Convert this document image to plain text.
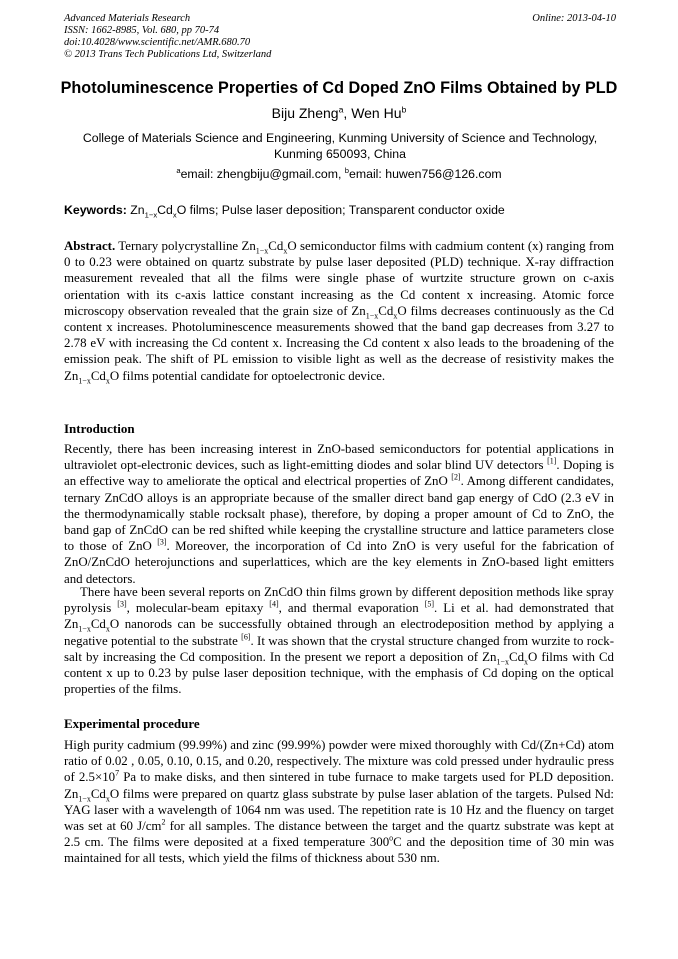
Advanced Materials Research
ISSN: 1662-8985, Vol. 680, pp 70-74
doi:10.4028/www.scientific.net/AMR.680.70
© 2013 Trans Tech Publications Ltd, Switzerland
Online: 2013-04-10
Photoluminescence Properties of Cd Doped ZnO Films Obtained by PLD
Biju Zheng$^a$, Wen Hu$^b$
College of Materials Science and Engineering, Kunming University of Science and Technology, Kunming 650093, China
$^a$email: zhengbiju@gmail.com, $^b$email: huwen756@126.com
Keywords: $Zn_{1-x}Cd_xO$ films; Pulse laser deposition; Transparent conductor oxide
Abstract. Ternary polycrystalline $Zn_{1-x}Cd_xO$ semiconductor films with cadmium content (x) ranging from 0 to 0.23 were obtained on quartz substrate by pulse laser deposited (PLD) technique. X-ray diffraction measurement revealed that all the films were single phase of wurtzite structure grown on c-axis orientation with its c-axis lattice constant increasing as the Cd content x increasing. Atomic force microscopy observation revealed that the grain size of $Zn_{1-x}Cd_xO$ films decreases continuously as the Cd content x increases. Photoluminescence measurements showed that the band gap decreases from 3.27 to 2.78 eV with increasing the Cd content x. Increasing the Cd content x also leads to the broadening of the emission peak. The shift of PL emission to visible light as well as the decrease of resistivity makes the $Zn_{1-x}Cd_xO$ films potential candidate for optoelectronic device.
Introduction
Recently, there has been increasing interest in ZnO-based semiconductors for potential applications in ultraviolet opt-electronic devices, such as light-emitting diodes and solar blind UV detectors [1]. Doping is an effective way to ameliorate the optical and electrical properties of ZnO [2]. Among different candidates, ternary ZnCdO alloys is an appropriate because of the smaller direct band gap energy of CdO (2.3 eV in the thermodynamically stable rocksalt phase), therefore, by doping a proper amount of Cd to ZnO, the band gap of ZnCdO can be red shifted while keeping the crystalline structure and lattice parameters close to those of ZnO [3]. Moreover, the incorporation of Cd into ZnO is very useful for the fabrication of ZnO/ZnCdO heterojunctions and superlattices, which are the key elements in ZnO-based light emitters and detectors.
There have been several reports on ZnCdO thin films grown by different deposition methods like spray pyrolysis [3], molecular-beam epitaxy [4], and thermal evaporation [5]. Li et al. had demonstrated that $Zn_{1-x}Cd_xO$ nanorods can be successfully obtained through an electrodeposition method by applying a negative potential to the substrate [6]. It was shown that the crystal structure changed from wurzite to rock-salt by increasing the Cd composition. In the present we report a deposition of $Zn_{1-x}Cd_xO$ films with Cd content x up to 0.23 by pulse laser deposition technique, with the emphasis of Cd doping on the optical properties of the films.
Experimental procedure
High purity cadmium (99.99%) and zinc (99.99%) powder were mixed thoroughly with Cd/(Zn+Cd) atom ratio of 0.02 , 0.05, 0.10, 0.15, and 0.20, respectively. The mixture was cold pressed under hydraulic press of $2.5\times 10^7$ Pa to make disks, and then sintered in tube furnace to make targets used for PLD deposition. $Zn_{1-x}Cd_xO$ films were prepared on quartz glass substrate by pulse laser ablation of the targets. Pulsed Nd: YAG laser with a wavelength of 1064 nm was used. The repetition rate is 10 Hz and the fluency on target was set at 60 $J/cm^2$ for all samples. The distance between the target and the quartz substrate was kept at 2.5 cm. The films were deposited at a fixed temperature 300$^o$C and the deposition time of 30 min was maintained for all tests, which yield the films of thickness about 530 nm.
